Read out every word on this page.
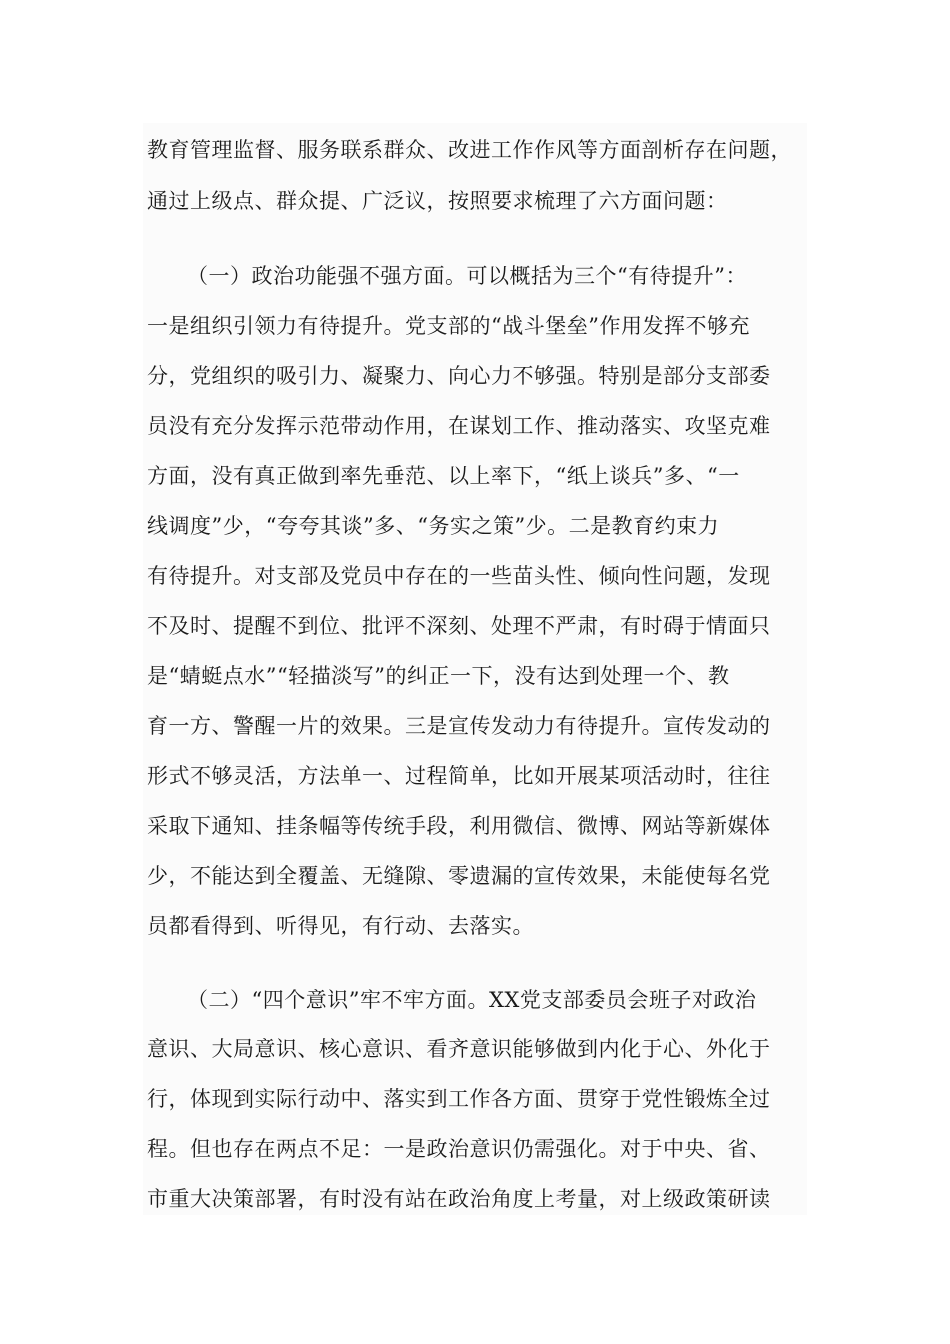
教育管理监督、服务联系群众、改进工作作风等方面剖析存在问题，
通过上级点、群众提、广泛议，按照要求梳理了六方面问题：
（一）政治功能强不强方面。可以概括为三个“有待提升”：
一是组织引领力有待提升。党支部的“战斗堡垒”作用发挥不够充
分，党组织的吸引力、凝聚力、向心力不够强。特别是部分支部委
员没有充分发挥示范带动作用，在谋划工作、推动落实、攻坚克难
方面，没有真正做到率先垂范、以上率下，“纸上谈兵”多、“一
线调度”少，“夸夸其谈”多、“务实之策”少。二是教育约束力
有待提升。对支部及党员中存在的一些苗头性、倾向性问题，发现
不及时、提醒不到位、批评不深刻、处理不严肃，有时碍于情面只
是“蜻蜓点水”“轻描淡写”的纠正一下，没有达到处理一个、教
育一方、警醒一片的效果。三是宣传发动力有待提升。宣传发动的
形式不够灵活，方法单一、过程简单，比如开展某项活动时，往往
采取下通知、挂条幅等传统手段，利用微信、微博、网站等新媒体
少，不能达到全覆盖、无缝隙、零遗漏的宣传效果，未能使每名党
员都看得到、听得见，有行动、去落实。
（二）“四个意识”牢不牢方面。XX党支部委员会班子对政治
意识、大局意识、核心意识、看齐意识能够做到内化于心、外化于
行，体现到实际行动中、落实到工作各方面、贯穿于党性锻炼全过
程。但也存在两点不足：一是政治意识仍需强化。对于中央、省、
市重大决策部署，有时没有站在政治角度上考量，对上级政策研读
